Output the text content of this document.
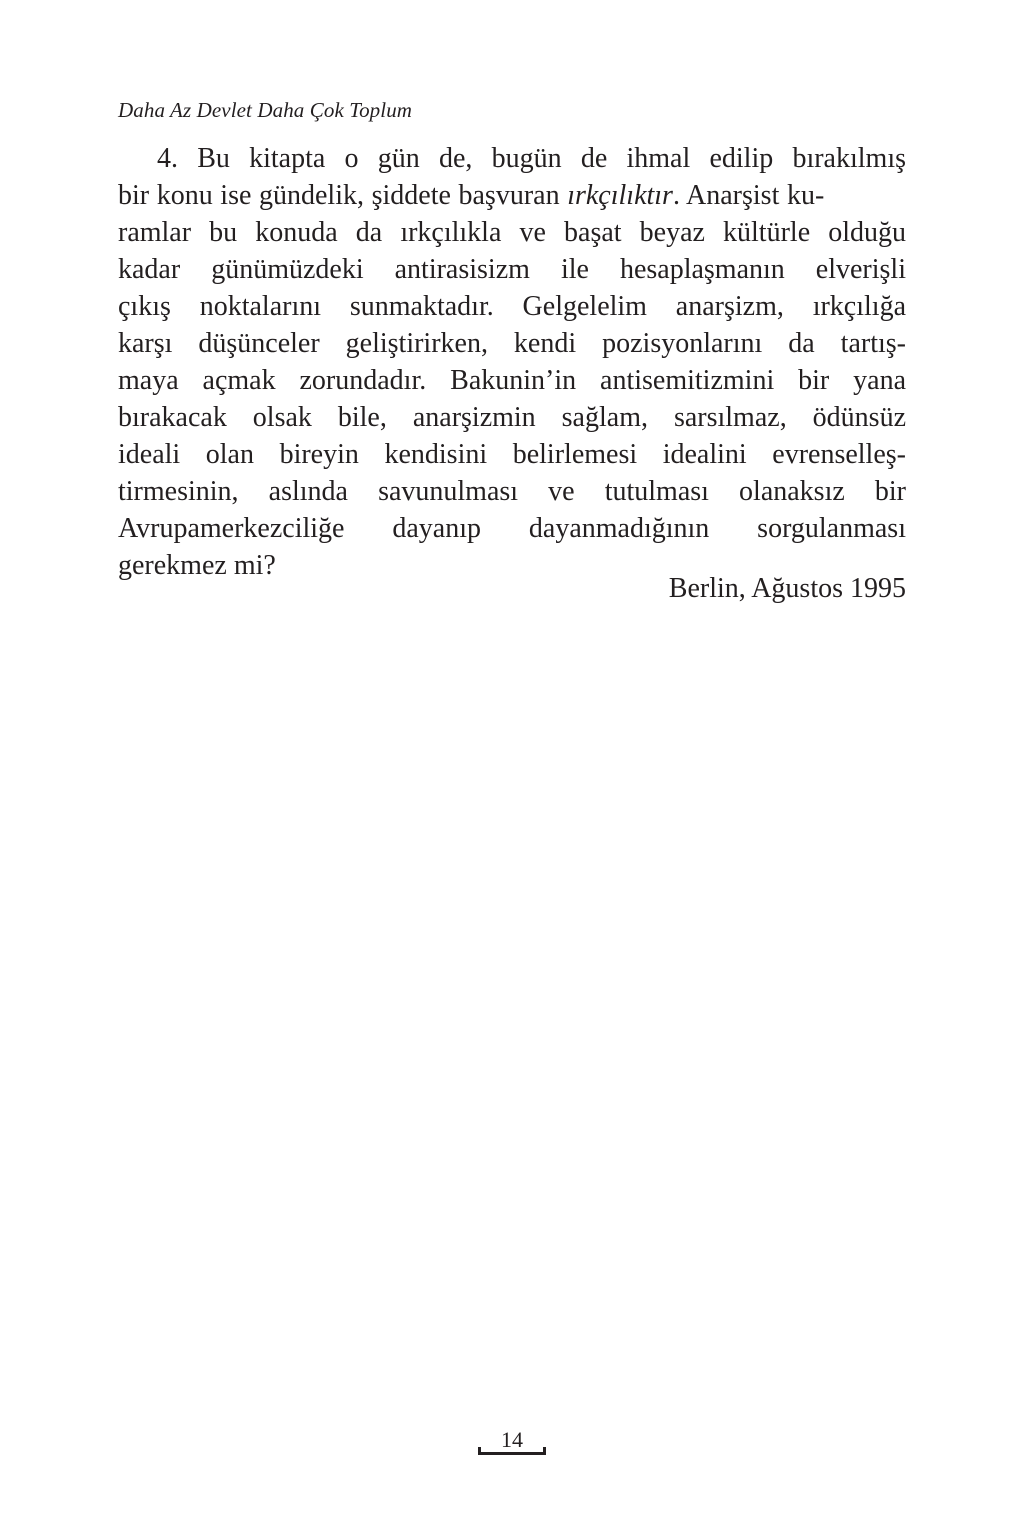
Daha Az Devlet Daha Çok Toplum
4. Bu kitapta o gün de, bugün de ihmal edilip bırakılmış
bir konu ise gündelik, şiddete başvuran ırkçılıktır. Anarşist ku-
ramlar bu konuda da ırkçılıkla ve başat beyaz kültürle olduğu
kadar günümüzdeki antirasisizm ile hesaplaşmanın elverişli
çıkış noktalarını sunmaktadır. Gelgelelim anarşizm, ırkçılığa
karşı düşünceler geliştirirken, kendi pozisyonlarını da tartış-
maya açmak zorundadır. Bakunin’in antisemitizmini bir yana
bırakacak olsak bile, anarşizmin sağlam, sarsılmaz, ödünsüz
ideali olan bireyin kendisini belirlemesi idealini evrenselleş-
tirmesinin, aslında savunulması ve tutulması olanaksız bir
Avrupamerkezciliğe dayanıp dayanmadığının sorgulanması
gerekmez mi?
Berlin, Ağustos 1995
14
